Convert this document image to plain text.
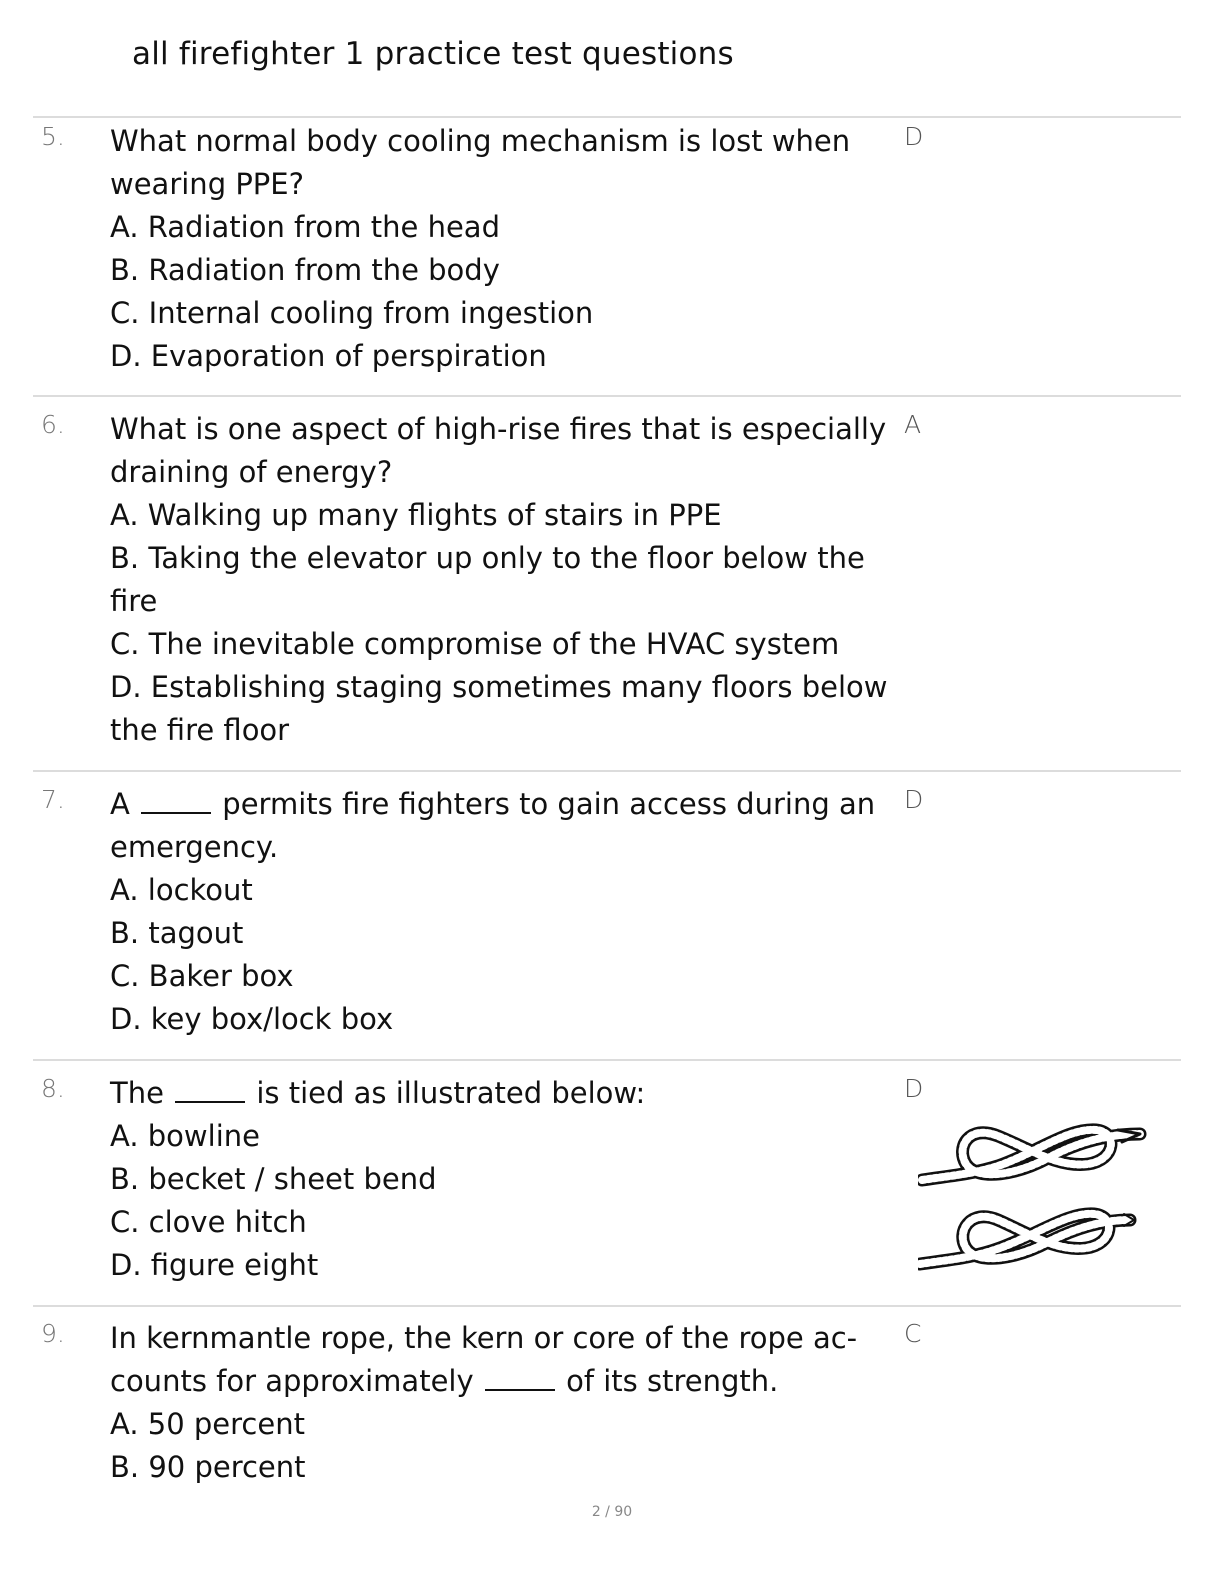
all firefighter 1 practice test questions
5. What normal body cooling mechanism is lost when wearing PPE?
A. Radiation from the head
B. Radiation from the body
C. Internal cooling from ingestion
D. Evaporation of perspiration
D
6. What is one aspect of high-rise fires that is especially draining of energy?
A. Walking up many flights of stairs in PPE
B. Taking the elevator up only to the floor below the fire
C. The inevitable compromise of the HVAC system
D. Establishing staging sometimes many floors below the fire floor
A
7. A	permits fire fighters to gain access during an emergency.
A. lockout
B. tagout
C. Baker box
D. key box/lock box
D
8. The	is tied as illustrated below:
A. bowline
B. becket / sheet bend
C. clove hitch
D. figure eight
D
9. In kernmantle rope, the kern or core of the rope ac-counts for approximately	of its strength.
A. 50 percent
B. 90 percent
C
2 / 90
